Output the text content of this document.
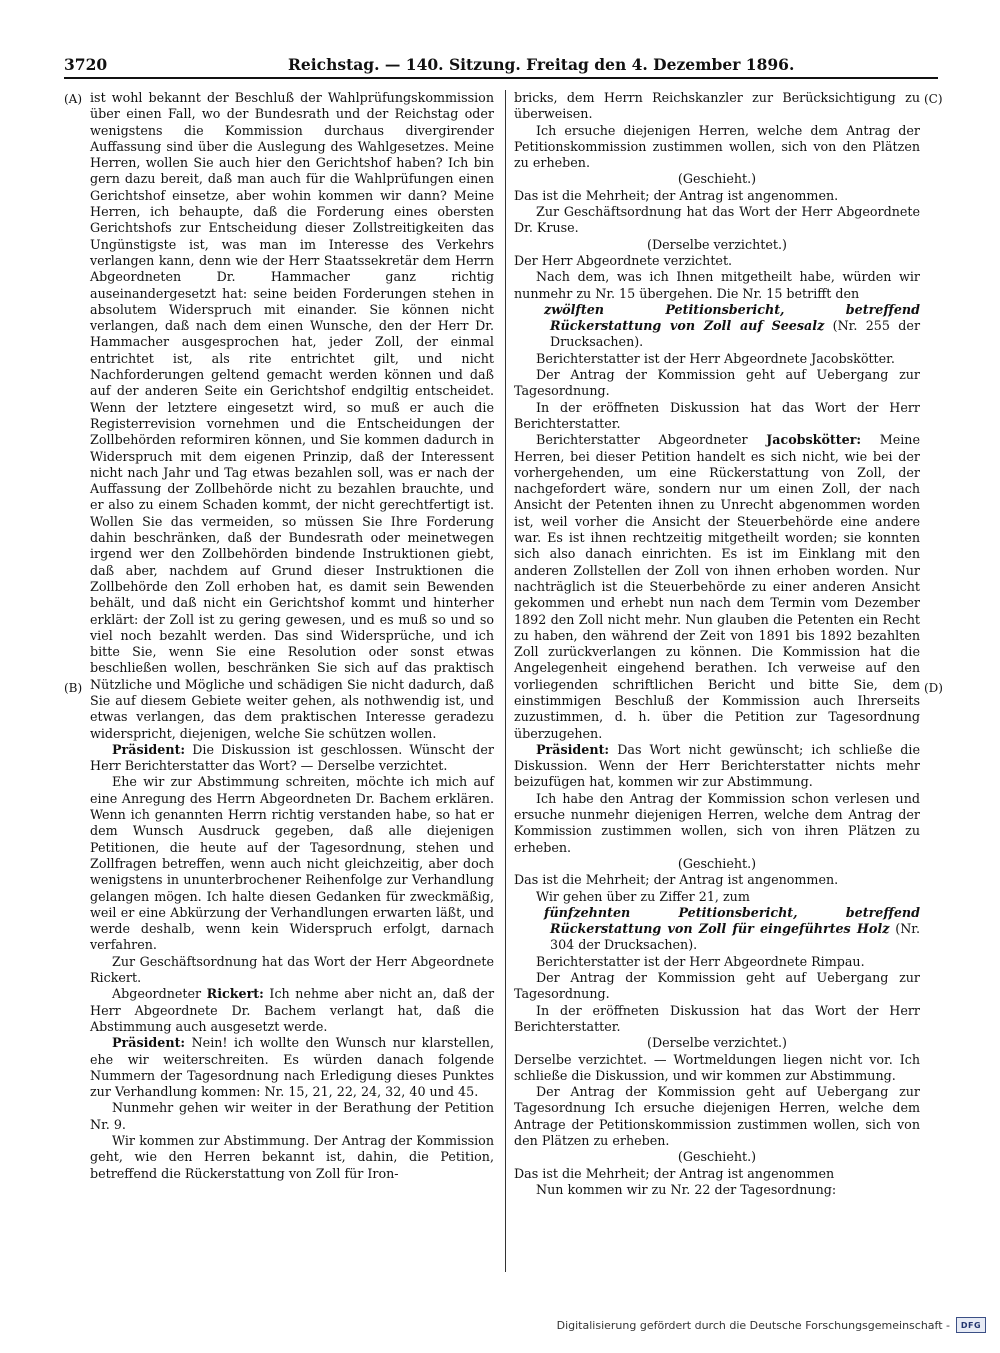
3720	Reichstag. — 140. Sitzung. Freitag den 4. Dezember 1896.
(A)
(B)
(C)
(D)

ist wohl bekannt der Beschluß der Wahlprüfungskommission über einen Fall, wo der Bundesrath und der Reichstag oder wenigstens die Kommission durchaus divergirender Auffassung sind über die Auslegung des Wahlgesetzes. Meine Herren, wollen Sie auch hier den Gerichtshof haben? Ich bin gern dazu bereit, daß man auch für die Wahlprüfungen einen Gerichtshof einsetze, aber wohin kommen wir dann? Meine Herren, ich behaupte, daß die Forderung eines obersten Gerichtshofs zur Entscheidung dieser Zollstreitigkeiten das Ungünstigste ist, was man im Interesse des Verkehrs verlangen kann, denn wie der Herr Staatssekretär dem Herrn Abgeordneten Dr. Hammacher ganz richtig auseinandergesetzt hat: seine beiden Forderungen stehen in absolutem Widerspruch mit einander. Sie können nicht verlangen, daß nach dem einen Wunsche, den der Herr Dr. Hammacher ausgesprochen hat, jeder Zoll, der einmal entrichtet ist, als rite entrichtet gilt, und nicht Nachforderungen geltend gemacht werden können und daß auf der anderen Seite ein Gerichtshof endgiltig entscheidet. Wenn der letztere eingesetzt wird, so muß er auch die Registerrevision vornehmen und die Entscheidungen der Zollbehörden reformiren können, und Sie kommen dadurch in Widerspruch mit dem eigenen Prinzip, daß der Interessent nicht nach Jahr und Tag etwas bezahlen soll, was er nach der Auffassung der Zollbehörde nicht zu bezahlen brauchte, und er also zu einem Schaden kommt, der nicht gerechtfertigt ist. Wollen Sie das vermeiden, so müssen Sie Ihre Forderung dahin beschränken, daß der Bundesrath oder meinetwegen irgend wer den Zollbehörden bindende Instruktionen giebt, daß aber, nachdem auf Grund dieser Instruktionen die Zollbehörde den Zoll erhoben hat, es damit sein Bewenden behält, und daß nicht ein Gerichtshof kommt und hinterher erklärt: der Zoll ist zu gering gewesen, und es muß so und so viel noch bezahlt werden. Das sind Widersprüche, und ich bitte Sie, wenn Sie eine Resolution oder sonst etwas beschließen wollen, beschränken Sie sich auf das praktisch Nützliche und Mögliche und schädigen Sie nicht dadurch, daß Sie auf diesem Gebiete weiter gehen, als nothwendig ist, und etwas verlangen, das dem praktischen Interesse geradezu widerspricht, diejenigen, welche Sie schützen wollen.

Präsident: Die Diskussion ist geschlossen. Wünscht der Herr Berichterstatter das Wort? — Derselbe verzichtet.

Ehe wir zur Abstimmung schreiten, möchte ich mich auf eine Anregung des Herrn Abgeordneten Dr. Bachem erklären. Wenn ich genannten Herrn richtig verstanden habe, so hat er dem Wunsch Ausdruck gegeben, daß alle diejenigen Petitionen, die heute auf der Tagesordnung, stehen und Zollfragen betreffen, wenn auch nicht gleichzeitig, aber doch wenigstens in ununterbrochener Reihenfolge zur Verhandlung gelangen mögen. Ich halte diesen Gedanken für zweckmäßig, weil er eine Abkürzung der Verhandlungen erwarten läßt, und werde deshalb, wenn kein Widerspruch erfolgt, darnach verfahren.

Zur Geschäftsordnung hat das Wort der Herr Abgeordnete Rickert.

Abgeordneter Rickert: Ich nehme aber nicht an, daß der Herr Abgeordnete Dr. Bachem verlangt hat, daß die Abstimmung auch ausgesetzt werde.

Präsident: Nein! ich wollte den Wunsch nur klarstellen, ehe wir weiterschreiten. Es würden danach folgende Nummern der Tagesordnung nach Erledigung dieses Punktes zur Verhandlung kommen: Nr. 15, 21, 22, 24, 32, 40 und 45.

Nunmehr gehen wir weiter in der Berathung der Petition Nr. 9.

Wir kommen zur Abstimmung. Der Antrag der Kommission geht, wie den Herren bekannt ist, dahin, die Petition, betreffend die Rückerstattung von Zoll für Iron-

bricks, dem Herrn Reichskanzler zur Berücksichtigung zu überweisen.

Ich ersuche diejenigen Herren, welche dem Antrag der Petitionskommission zustimmen wollen, sich von den Plätzen zu erheben.

(Geschieht.)

Das ist die Mehrheit; der Antrag ist angenommen.

Zur Geschäftsordnung hat das Wort der Herr Abgeordnete Dr. Kruse.

(Derselbe verzichtet.)

Der Herr Abgeordnete verzichtet.

Nach dem, was ich Ihnen mitgetheilt habe, würden wir nunmehr zu Nr. 15 übergehen. Die Nr. 15 betrifft den

zwölften Petitionsbericht, betreffend Rückerstattung von Zoll auf Seesalz (Nr. 255 der Drucksachen).

Berichterstatter ist der Herr Abgeordnete Jacobskötter.

Der Antrag der Kommission geht auf Uebergang zur Tagesordnung.

In der eröffneten Diskussion hat das Wort der Herr Berichterstatter.

Berichterstatter Abgeordneter Jacobskötter: Meine Herren, bei dieser Petition handelt es sich nicht, wie bei der vorhergehenden, um eine Rückerstattung von Zoll, der nachgefordert wäre, sondern nur um einen Zoll, der nach Ansicht der Petenten ihnen zu Unrecht abgenommen worden ist, weil vorher die Ansicht der Steuerbehörde eine andere war. Es ist ihnen rechtzeitig mitgetheilt worden; sie konnten sich also danach einrichten. Es ist im Einklang mit den anderen Zollstellen der Zoll von ihnen erhoben worden. Nur nachträglich ist die Steuerbehörde zu einer anderen Ansicht gekommen und erhebt nun nach dem Termin vom Dezember 1892 den Zoll nicht mehr. Nun glauben die Petenten ein Recht zu haben, den während der Zeit von 1891 bis 1892 bezahlten Zoll zurückverlangen zu können. Die Kommission hat die Angelegenheit eingehend berathen. Ich verweise auf den vorliegenden schriftlichen Bericht und bitte Sie, dem einstimmigen Beschluß der Kommission auch Ihrerseits zuzustimmen, d. h. über die Petition zur Tagesordnung überzugehen.

Präsident: Das Wort nicht gewünscht; ich schließe die Diskussion. Wenn der Herr Berichterstatter nichts mehr beizufügen hat, kommen wir zur Abstimmung.

Ich habe den Antrag der Kommission schon verlesen und ersuche nunmehr diejenigen Herren, welche dem Antrag der Kommission zustimmen wollen, sich von ihren Plätzen zu erheben.

(Geschieht.)

Das ist die Mehrheit; der Antrag ist angenommen.

Wir gehen über zu Ziffer 21, zum

fünfzehnten Petitionsbericht, betreffend Rückerstattung von Zoll für eingeführtes Holz (Nr. 304 der Drucksachen).

Berichterstatter ist der Herr Abgeordnete Rimpau.

Der Antrag der Kommission geht auf Uebergang zur Tagesordnung.

In der eröffneten Diskussion hat das Wort der Herr Berichterstatter.

(Derselbe verzichtet.)

Derselbe verzichtet. — Wortmeldungen liegen nicht vor. Ich schließe die Diskussion, und wir kommen zur Abstimmung.

Der Antrag der Kommission geht auf Uebergang zur Tagesordnung Ich ersuche diejenigen Herren, welche dem Antrage der Petitionskommission zustimmen wollen, sich von den Plätzen zu erheben.

(Geschieht.)

Das ist die Mehrheit; der Antrag ist angenommen

Nun kommen wir zu Nr. 22 der Tagesordnung:

Digitalisierung gefördert durch die Deutsche Forschungsgemeinschaft -	DFG
